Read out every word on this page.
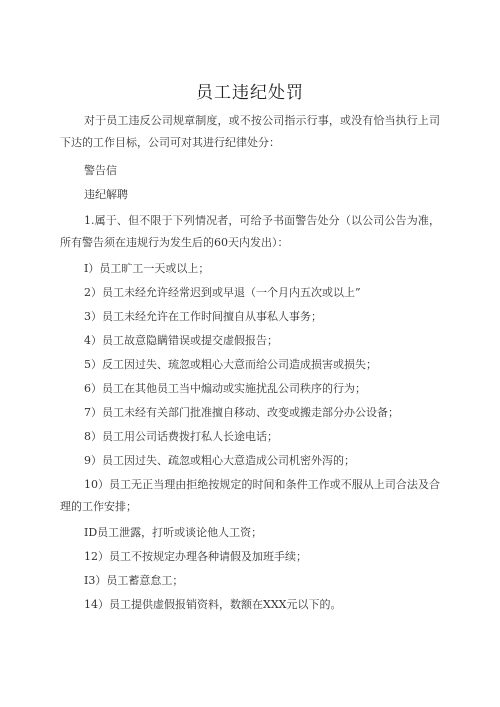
员工违纪处罚
对于员工违反公司规章制度，或不按公司指示行事，或没有恰当执行上司下达的工作目标，公司可对其进行纪律处分：
警告信
违纪解聘
1.属于、但不限于下列情况者，可给予书面警告处分（以公司公告为准，所有警告须在违规行为发生后的60天内发出）：
I）员工旷工一天或以上；
2）员工未经允许经常迟到或早退（一个月内五次或以上”
3）员工未经允许在工作时间擅自从事私人事务；
4）员工故意隐瞒错误或提交虚假报告；
5）反工因过失、琉忽或粗心大意而给公司造成损害或损失；
6）员工在其他员工当中煽动或实施扰乱公司秩序的行为；
7）员工未经有关部门批准擅自移动、改变或搬走部分办公设备；
8）员工用公司话费拨打私人长途电话；
9）员工因过失、疏忽或粗心大意造成公司机密外泻的；
10）员工无正当理由拒绝按规定的时间和条件工作或不服从上司合法及合理的工作安排；
ID员工泄露，打听或谈论他人工资；
12）员工不按规定办理各种请假及加班手续；
I3）员工蓄意怠工；
14）员工提供虚假报销资料，数额在XXX元以下的。
